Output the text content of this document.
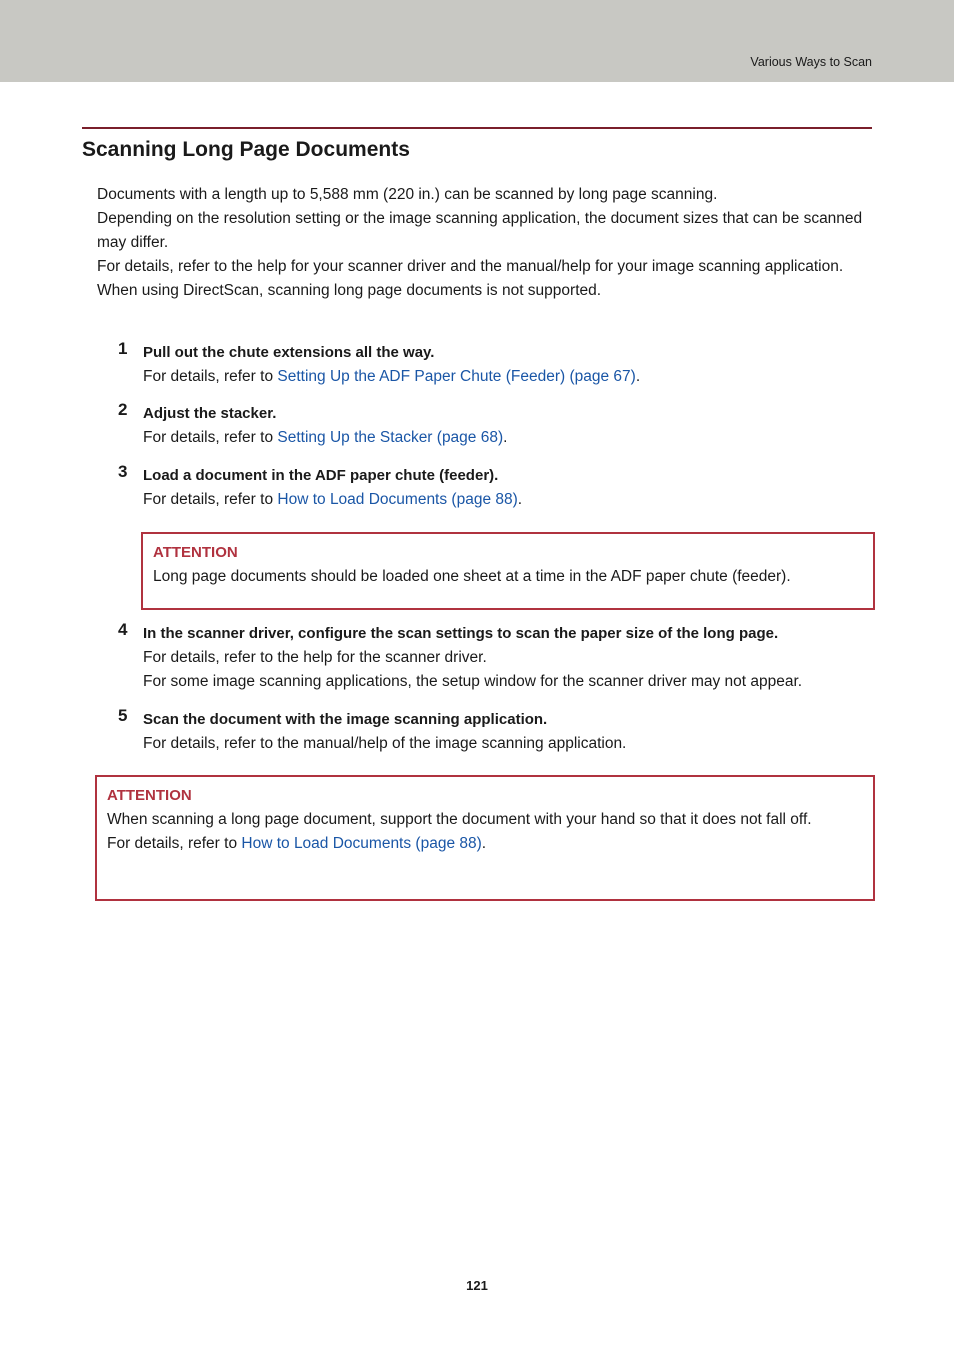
Various Ways to Scan
Scanning Long Page Documents

Documents with a length up to 5,588 mm (220 in.) can be scanned by long page scanning.

Depending on the resolution setting or the image scanning application, the document sizes that can be scanned may differ.

For details, refer to the help for your scanner driver and the manual/help for your image scanning application.

When using DirectScan, scanning long page documents is not supported.

1 Pull out the chute extensions all the way.

For details, refer to Setting Up the ADF Paper Chute (Feeder) (page 67).

2 Adjust the stacker.

For details, refer to Setting Up the Stacker (page 68).

3 Load a document in the ADF paper chute (feeder).

For details, refer to How to Load Documents (page 88).

ATTENTION

Long page documents should be loaded one sheet at a time in the ADF paper chute (feeder).

4 In the scanner driver, configure the scan settings to scan the paper size of the long page.

For details, refer to the help for the scanner driver.

For some image scanning applications, the setup window for the scanner driver may not appear.

5 Scan the document with the image scanning application.

For details, refer to the manual/help of the image scanning application.

ATTENTION

When scanning a long page document, support the document with your hand so that it does not fall off.

For details, refer to How to Load Documents (page 88).

121
